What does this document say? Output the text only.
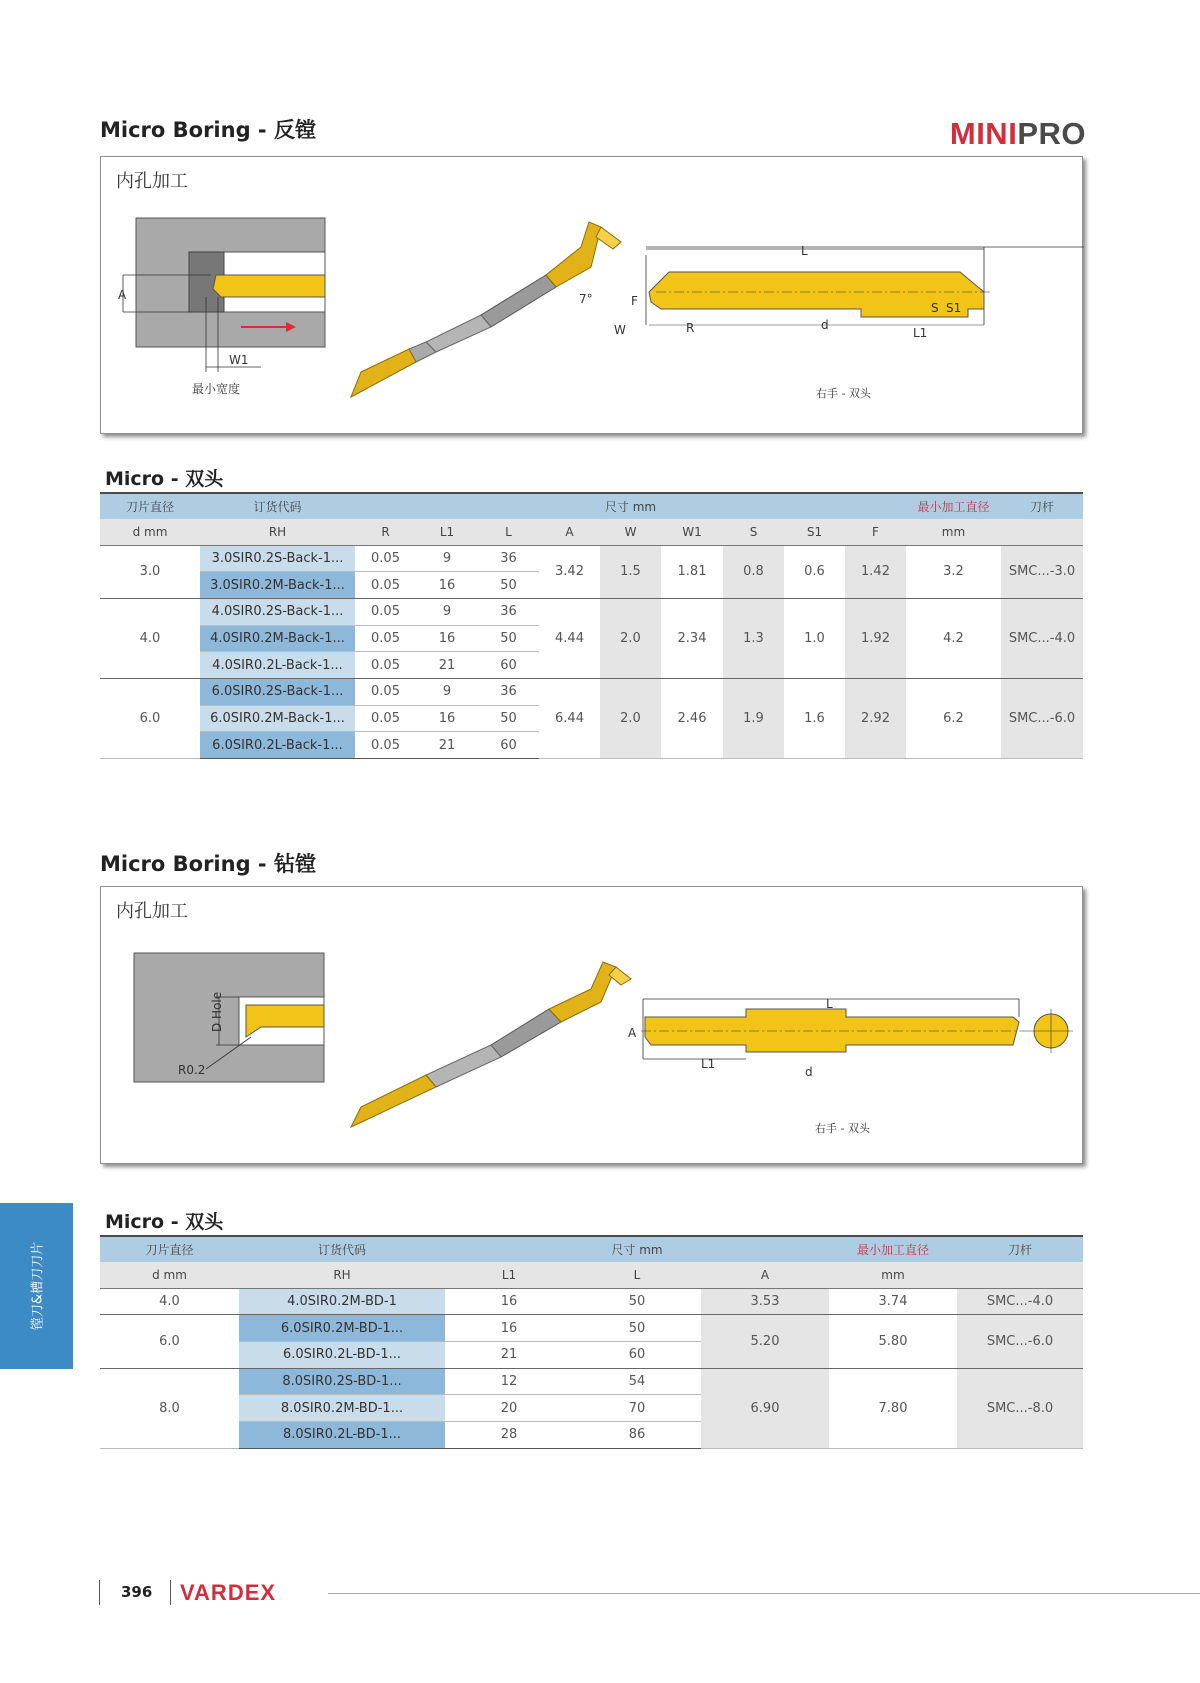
Micro Boring - 反镗	MINIPRO
内孔加工
A
W1
最小宽度
L
7°	F
W	R	d
S S1
L1
右手 - 双头
Micro - 双头
刀片直径	订货代码	尺寸 mm									最小加工直径	刀杆
d mm	RH	R	L1	L	A	W	W1	S	S1	F	mm	
3.0	3.0SIR0.2S-Back-1...	0.05	9	36	3.42	1.5	1.81	0.8	0.6	1.42	3.2	SMC...-3.0
	3.0SIR0.2M-Back-1...	0.05	16	50								
4.0	4.0SIR0.2S-Back-1...	0.05	9	36	4.44	2.0	2.34	1.3	1.0	1.92	4.2	SMC...-4.0
	4.0SIR0.2M-Back-1...	0.05	16	50								
	4.0SIR0.2L-Back-1...	0.05	21	60								
6.0	6.0SIR0.2S-Back-1...	0.05	9	36	6.44	2.0	2.46	1.9	1.6	2.92	6.2	SMC...-6.0
	6.0SIR0.2M-Back-1...	0.05	16	50								
	6.0SIR0.2L-Back-1...	0.05	21	60								
Micro Boring - 钻镗
内孔加工
D Hole
R0.2
L
A
L1
d
右手 - 双头
Micro - 双头
刀片直径	订货代码	尺寸 mm			最小加工直径	刀杆
d mm	RH	L1	L	A	mm	
4.0	4.0SIR0.2M-BD-1	16	50	3.53	3.74	SMC...-4.0
6.0	6.0SIR0.2M-BD-1...	16	50	5.20	5.80	SMC...-6.0
	6.0SIR0.2L-BD-1...	21	60			
8.0	8.0SIR0.2S-BD-1...	12	54	6.90	7.80	SMC...-8.0
	8.0SIR0.2M-BD-1...	20	70			
	8.0SIR0.2L-BD-1...	28	86			
镗刀&槽刀刀片
396 VARDEX
